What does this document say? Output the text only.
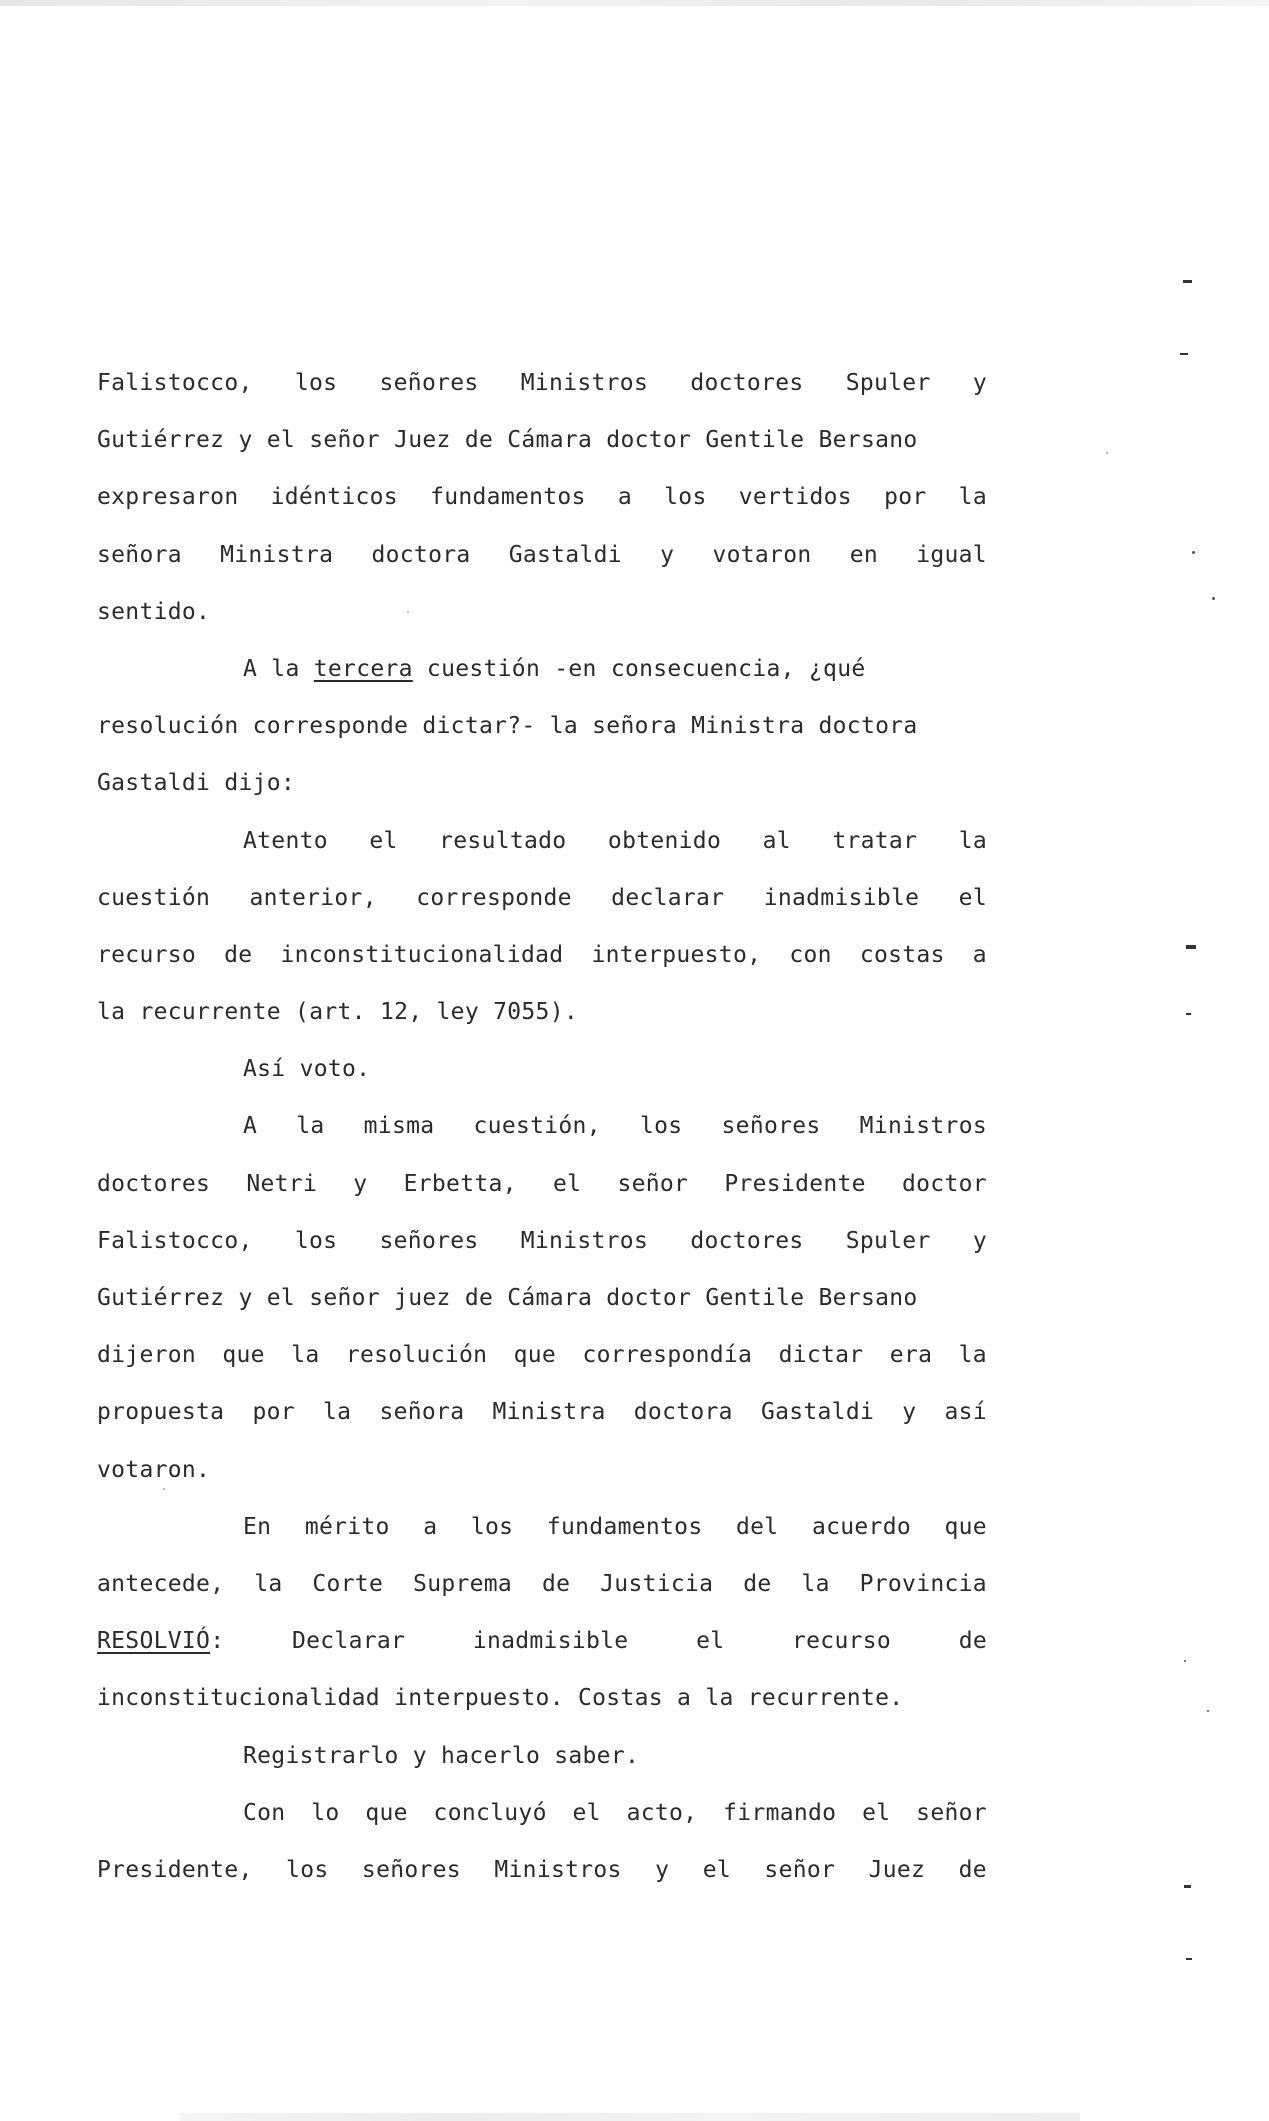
Falistocco, los señores Ministros doctores Spuler y
Gutiérrez y el señor Juez de Cámara doctor Gentile Bersano
expresaron idénticos fundamentos a los vertidos por la
señora Ministra doctora Gastaldi y votaron en igual
sentido.
A la tercera cuestión -en consecuencia, ¿qué
resolución corresponde dictar?- la señora Ministra doctora
Gastaldi dijo:
Atento el resultado obtenido al tratar la
cuestión anterior, corresponde declarar inadmisible el
recurso de inconstitucionalidad interpuesto, con costas a
la recurrente (art. 12, ley 7055).
Así voto.
A la misma cuestión, los señores Ministros
doctores Netri y Erbetta, el señor Presidente doctor
Falistocco, los señores Ministros doctores Spuler y
Gutiérrez y el señor juez de Cámara doctor Gentile Bersano
dijeron que la resolución que correspondía dictar era la
propuesta por la señora Ministra doctora Gastaldi y así
votaron.
En mérito a los fundamentos del acuerdo que
antecede, la Corte Suprema de Justicia de la Provincia
RESOLVIÓ:	Declarar	inadmisible	el	recurso	de
inconstitucionalidad interpuesto. Costas a la recurrente.
Registrarlo y hacerlo saber.
Con lo que concluyó el acto, firmando el señor
Presidente, los señores Ministros y el señor Juez de
